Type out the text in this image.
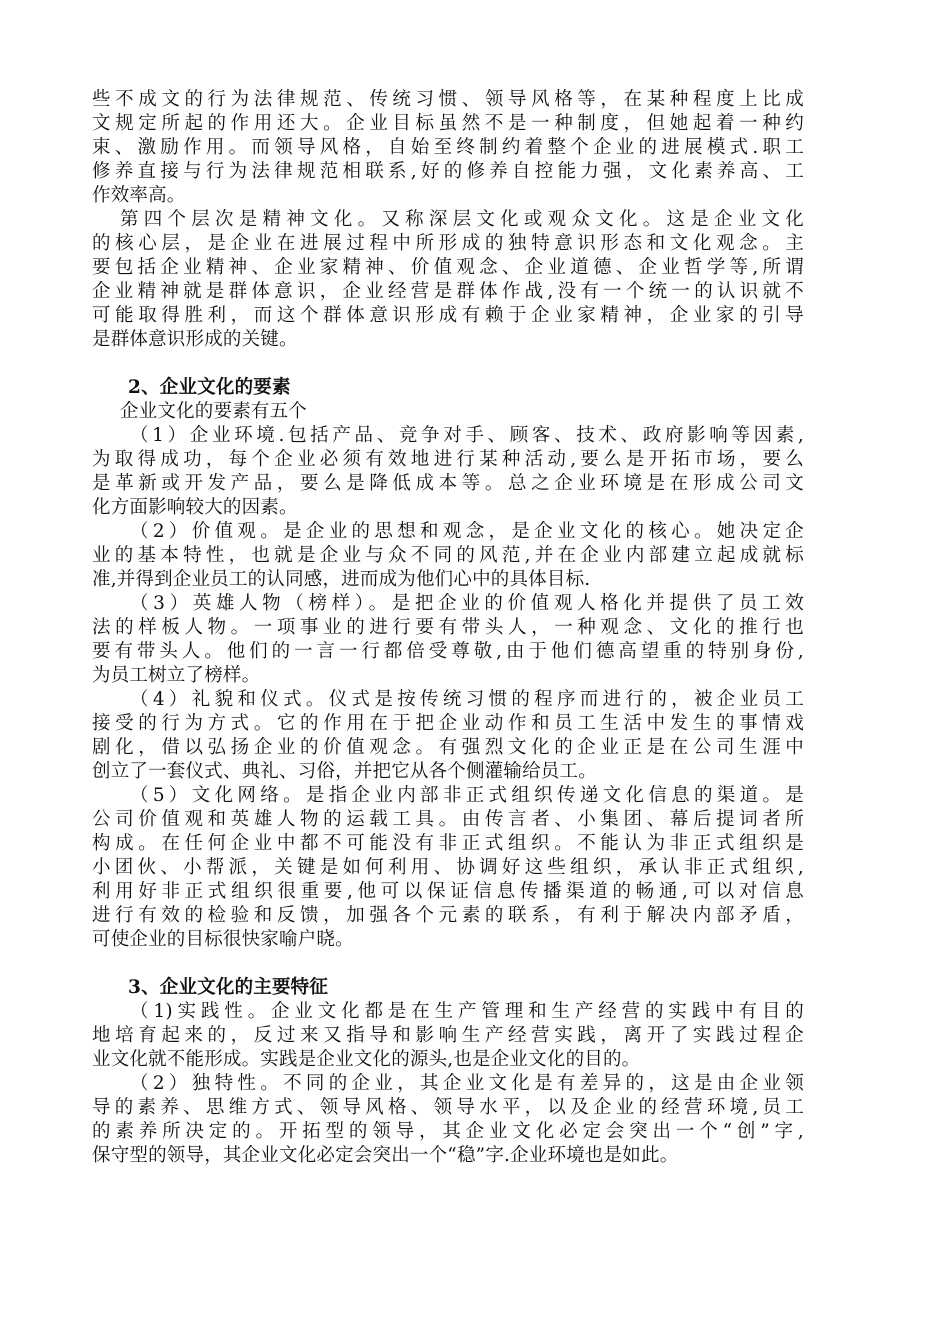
些不成文的行为法律规范、传统习惯、领导风格等，在某种程度上比成
文规定所起的作用还大。企业目标虽然不是一种制度，但她起着一种约
束、激励作用。而领导风格，自始至终制约着整个企业的进展模式.职工
修养直接与行为法律规范相联系,好的修养自控能力强，文化素养高、工
作效率高。
第四个层次是精神文化。又称深层文化或观众文化。这是企业文化
的核心层，是企业在进展过程中所形成的独特意识形态和文化观念。主
要包括企业精神、企业家精神、价值观念、企业道德、企业哲学等,所谓
企业精神就是群体意识，企业经营是群体作战,没有一个统一的认识就不
可能取得胜利，而这个群体意识形成有赖于企业家精神，企业家的引导
是群体意识形成的关键。
2、企业文化的要素
企业文化的要素有五个
（1）企业环境.包括产品、竞争对手、顾客、技术、政府影响等因素,
为取得成功，每个企业必须有效地进行某种活动,要么是开拓市场，要么
是革新或开发产品，要么是降低成本等。总之企业环境是在形成公司文
化方面影响较大的因素。
（2）价值观。是企业的思想和观念，是企业文化的核心。她决定企
业的基本特性，也就是企业与众不同的风范,并在企业内部建立起成就标
准,并得到企业员工的认同感，进而成为他们心中的具体目标.
（3）英雄人物（榜样）。是把企业的价值观人格化并提供了员工效
法的样板人物。一项事业的进行要有带头人，一种观念、文化的推行也
要有带头人。他们的一言一行都倍受尊敬,由于他们德高望重的特别身份,
为员工树立了榜样。
（4）礼貌和仪式。仪式是按传统习惯的程序而进行的，被企业员工
接受的行为方式。它的作用在于把企业动作和员工生活中发生的事情戏
剧化，借以弘扬企业的价值观念。有强烈文化的企业正是在公司生涯中
创立了一套仪式、典礼、习俗，并把它从各个侧灌输给员工。
（5）文化网络。是指企业内部非正式组织传递文化信息的渠道。是
公司价值观和英雄人物的运载工具。由传言者、小集团、幕后提词者所
构成。在任何企业中都不可能没有非正式组织。不能认为非正式组织是
小团伙、小帮派，关键是如何利用、协调好这些组织，承认非正式组织,
利用好非正式组织很重要,他可以保证信息传播渠道的畅通,可以对信息
进行有效的检验和反馈，加强各个元素的联系，有利于解决内部矛盾，
可使企业的目标很快家喻户晓。
3、企业文化的主要特征
（1)实践性。企业文化都是在生产管理和生产经营的实践中有目的
地培育起来的，反过来又指导和影响生产经营实践，离开了实践过程企
业文化就不能形成。实践是企业文化的源头,也是企业文化的目的。
（2）独特性。不同的企业，其企业文化是有差异的，这是由企业领
导的素养、思维方式、领导风格、领导水平，以及企业的经营环境,员工
的素养所决定的。开拓型的领导，其企业文化必定会突出一个“创”字,
保守型的领导，其企业文化必定会突出一个“稳”字.企业环境也是如此。
